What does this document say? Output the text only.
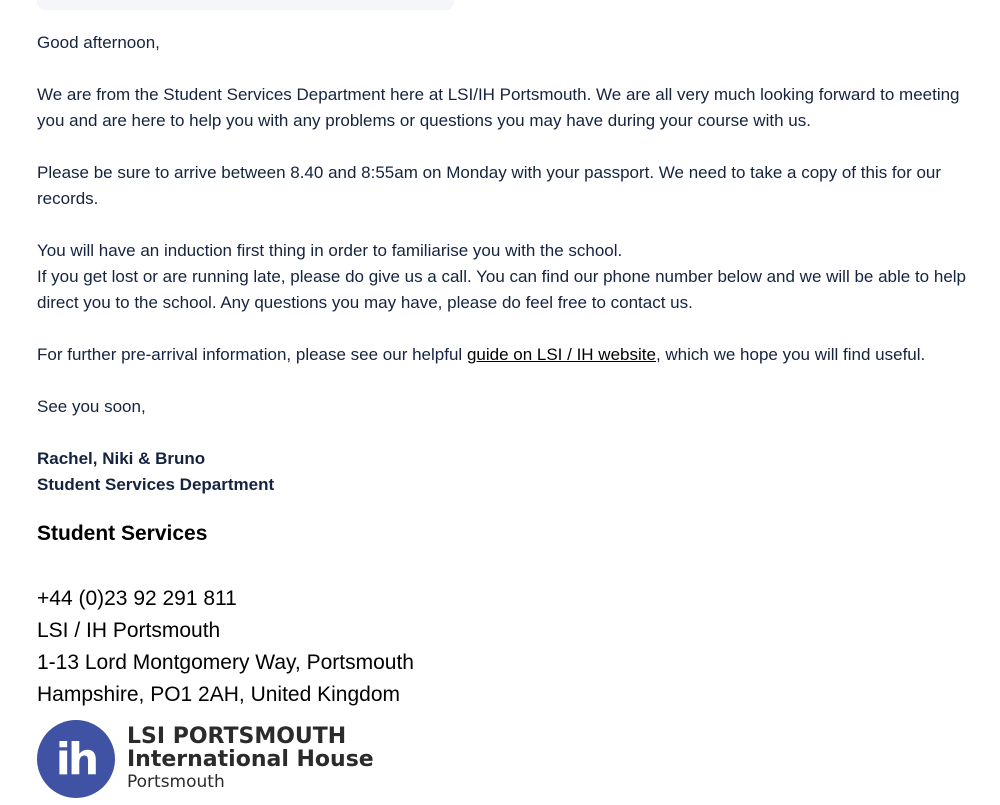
Good afternoon,

We are from the Student Services Department here at LSI/IH Portsmouth. We are all very much looking forward to meeting you and are here to help you with any problems or questions you may have during your course with us.

Please be sure to arrive between 8.40 and 8:55am on Monday with your passport. We need to take a copy of this for our records.

You will have an induction first thing in order to familiarise you with the school.

If you get lost or are running late, please do give us a call. You can find our phone number below and we will be able to help direct you to the school. Any questions you may have, please do feel free to contact us.

For further pre-arrival information, please see our helpful guide on LSI / IH website, which we hope you will find useful.

See you soon,

Rachel, Niki & Bruno

Student Services Department

Student Services
+44 (0)23 92 291 811
LSI / IH Portsmouth
1-13 Lord Montgomery Way, Portsmouth
Hampshire, PO1 2AH, United Kingdom
ih	LSI PORTSMOUTH
International House
Portsmouth
